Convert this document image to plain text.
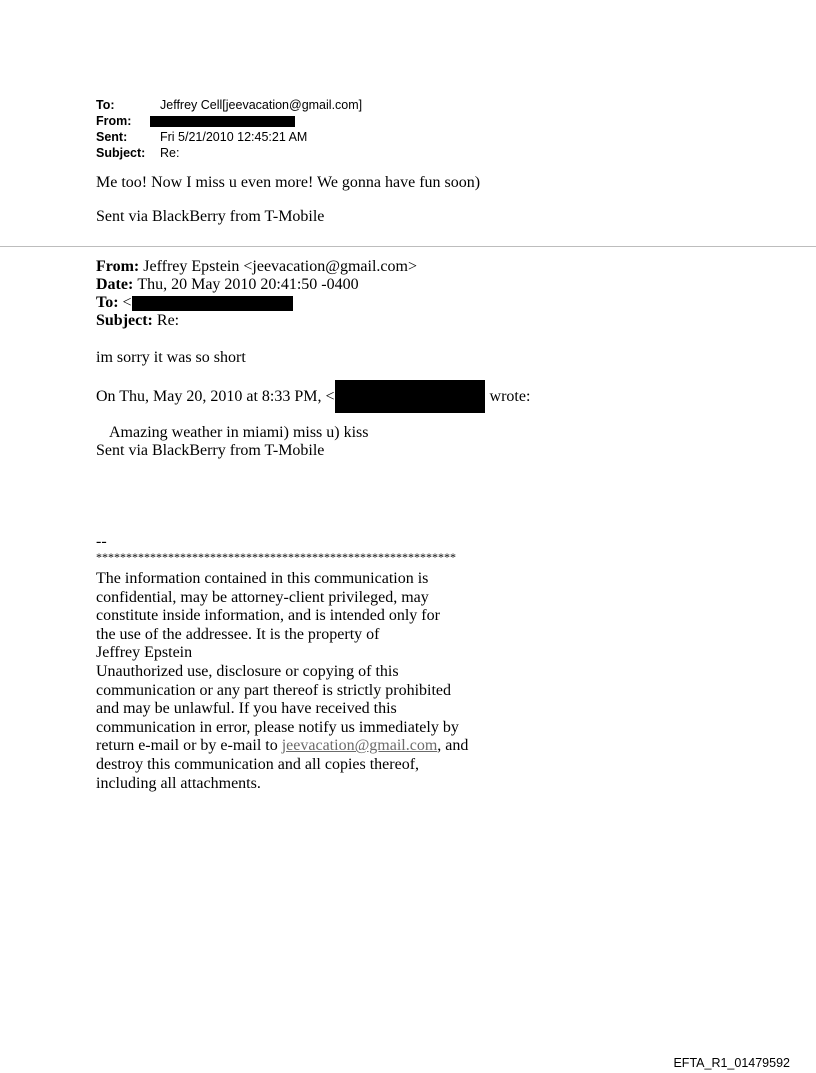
To:	Jeffrey Cell[jeevacation@gmail.com]
From:
Sent:	Fri 5/21/2010 12:45:21 AM
Subject:	Re:
Me too! Now I miss u even more! We gonna have fun soon)
Sent via BlackBerry from T-Mobile
From: Jeffrey Epstein <jeevacation@gmail.com>
Date: Thu, 20 May 2010 20:41:50 -0400
To: <
Subject: Re:
im sorry it was so short
On Thu, May 20, 2010 at 8:33 PM, <	wrote:
Amazing weather in miami) miss u) kiss
Sent via BlackBerry from T-Mobile
--
************************************************************
The information contained in this communication is
confidential, may be attorney-client privileged, may
constitute inside information, and is intended only for
the use of the addressee. It is the property of
Jeffrey Epstein
Unauthorized use, disclosure or copying of this
communication or any part thereof is strictly prohibited
and may be unlawful. If you have received this
communication in error, please notify us immediately by
return e-mail or by e-mail to jeevacation@gmail.com, and
destroy this communication and all copies thereof,
including all attachments.
EFTA_R1_01479592
